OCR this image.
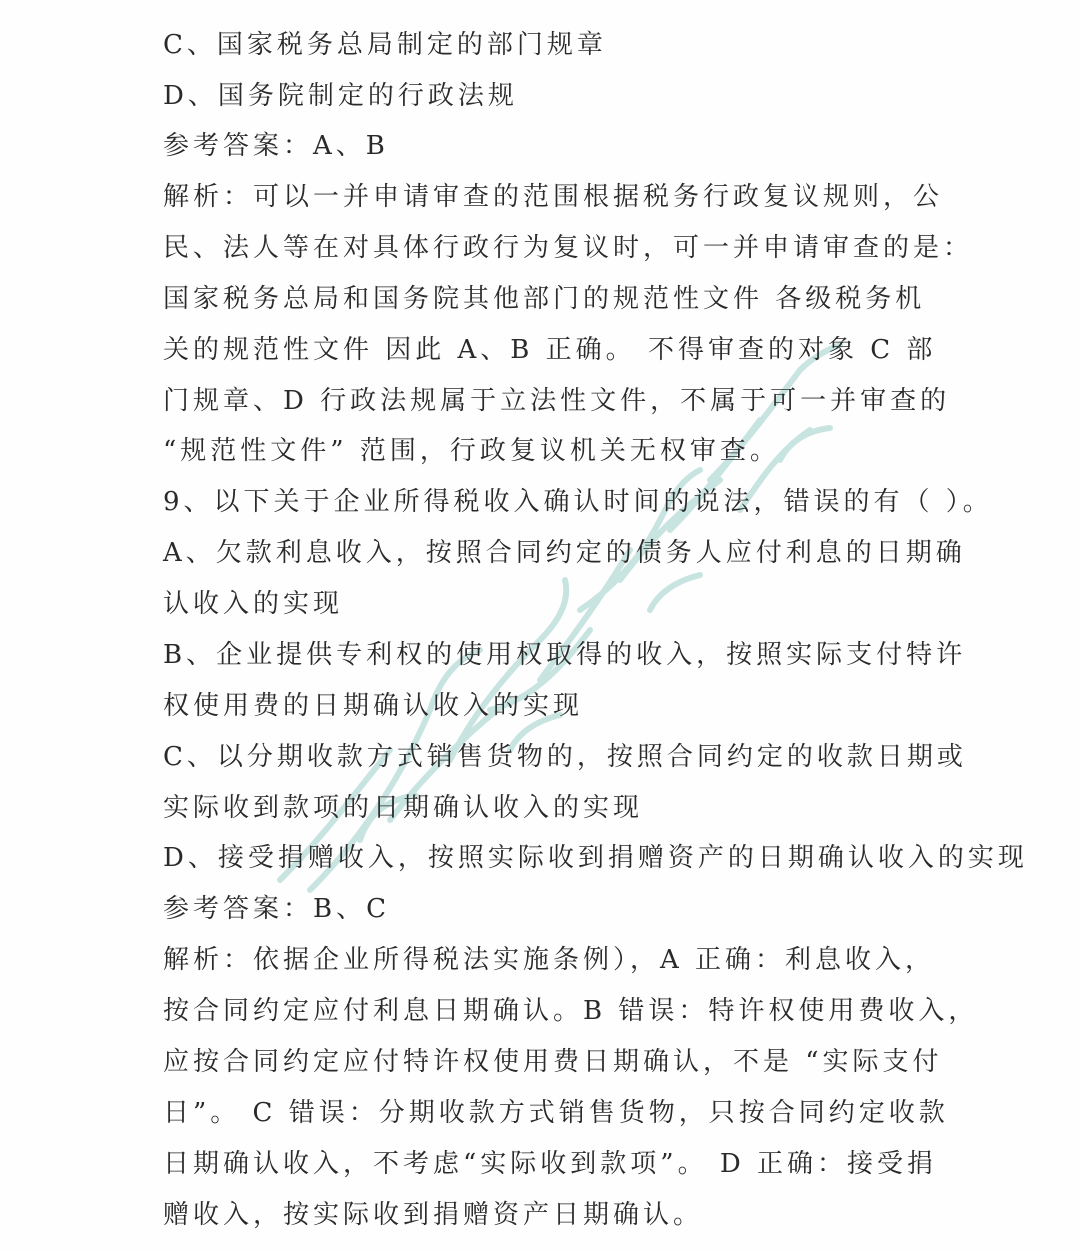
C、国家税务总局制定的部门规章
D、国务院制定的行政法规
参考答案：A、B
解析：可以一并申请审查的范围根据税务行政复议规则，公
民、法人等在对具体行政行为复议时，可一并申请审查的是：
国家税务总局和国务院其他部门的规范性文件 各级税务机
关的规范性文件 因此 A、B 正确。 不得审查的对象 C 部
门规章、D 行政法规属于立法性文件，不属于可一并审查的
“规范性文件” 范围，行政复议机关无权审查。
9、以下关于企业所得税收入确认时间的说法，错误的有（ ）。
A、欠款利息收入，按照合同约定的债务人应付利息的日期确
认收入的实现
B、企业提供专利权的使用权取得的收入，按照实际支付特许
权使用费的日期确认收入的实现
C、以分期收款方式销售货物的，按照合同约定的收款日期或
实际收到款项的日期确认收入的实现
D、接受捐赠收入，按照实际收到捐赠资产的日期确认收入的实现
参考答案：B、C
解析：依据企业所得税法实施条例），A 正确：利息收入，
按合同约定应付利息日期确认。B 错误：特许权使用费收入，
应按合同约定应付特许权使用费日期确认，不是 “实际支付
日”。 C 错误：分期收款方式销售货物，只按合同约定收款
日期确认收入，不考虑“实际收到款项”。 D 正确：接受捐
赠收入，按实际收到捐赠资产日期确认。
